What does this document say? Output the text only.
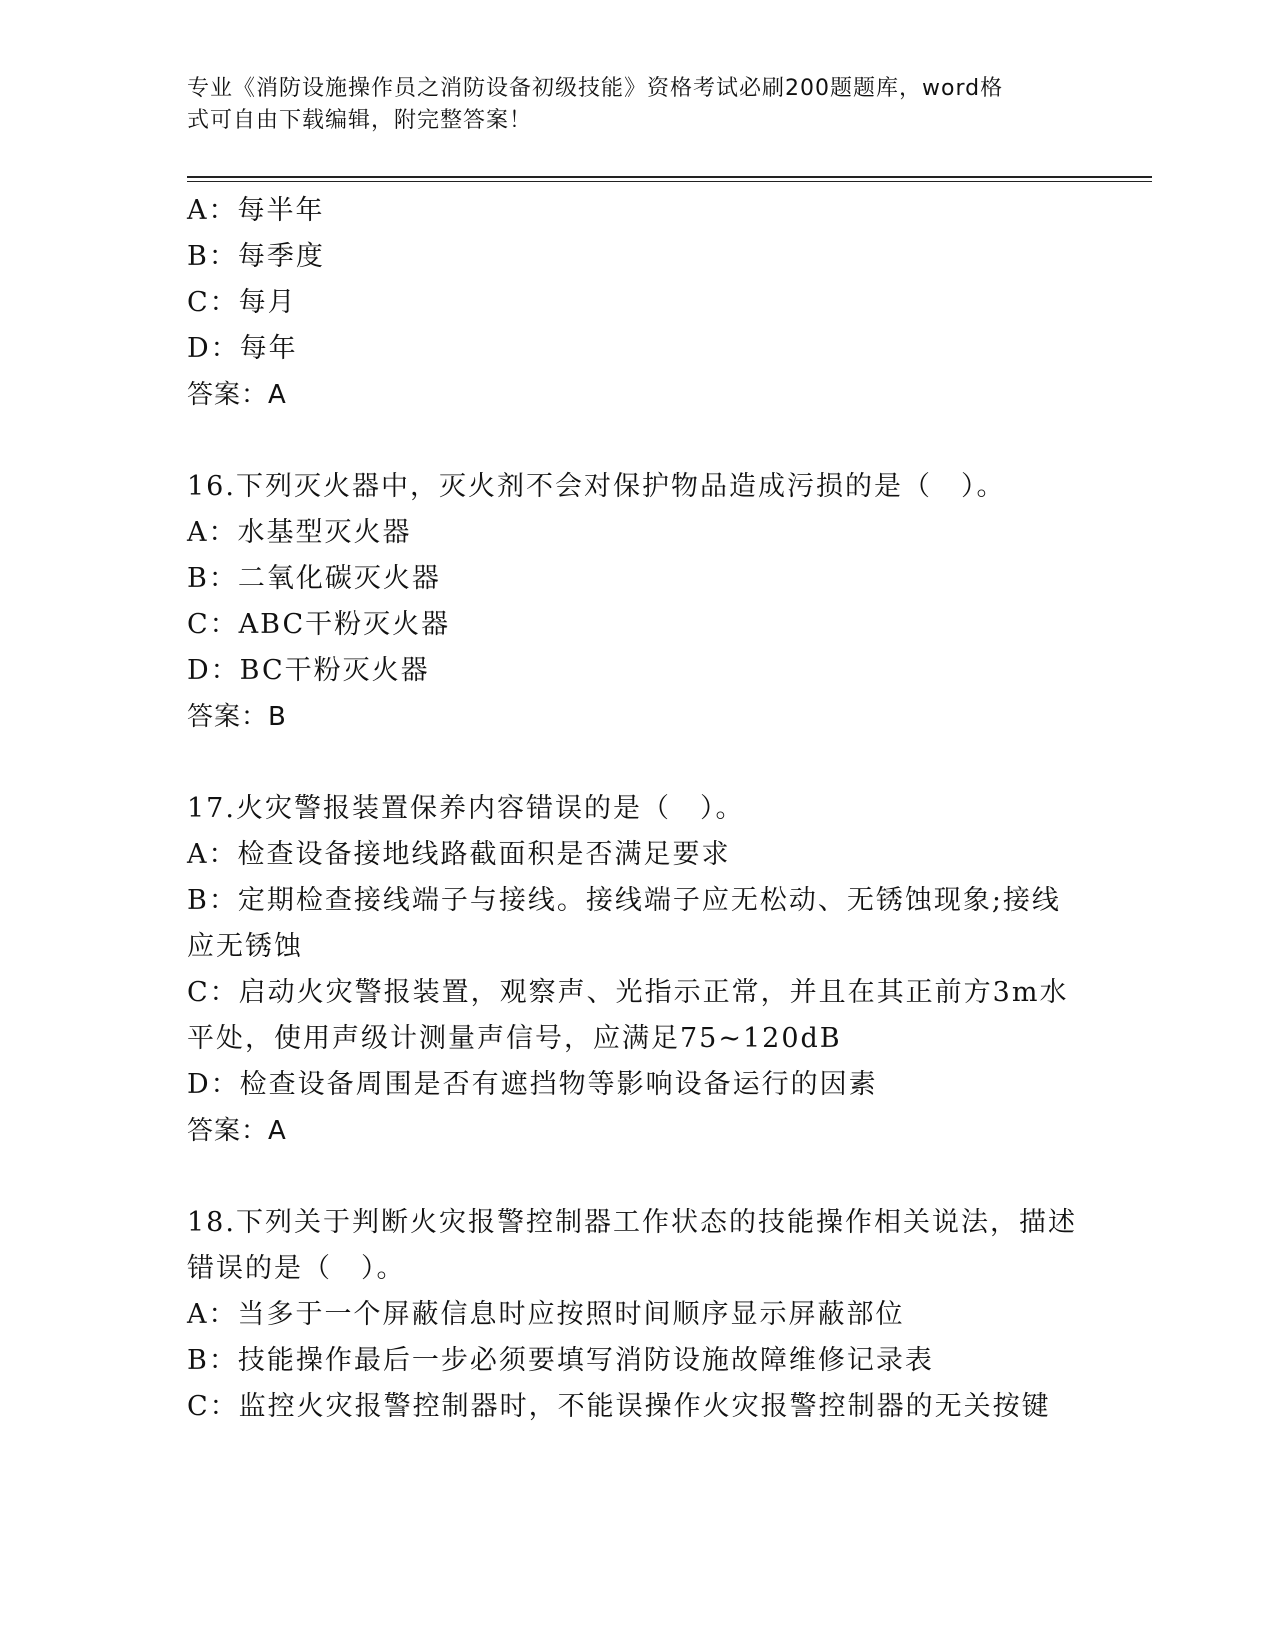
专业《消防设施操作员之消防设备初级技能》资格考试必刷200题题库，word格
式可自由下载编辑，附完整答案！
A：每半年
B：每季度
C：每月
D：每年
答案：A
16.下列灭火器中，灭火剂不会对保护物品造成污损的是（　）。
A：水基型灭火器
B：二氧化碳灭火器
C：ABC干粉灭火器
D：BC干粉灭火器
答案：B
17.火灾警报装置保养内容错误的是（　）。
A：检查设备接地线路截面积是否满足要求
B：定期检查接线端子与接线。接线端子应无松动、无锈蚀现象;接线
应无锈蚀
C：启动火灾警报装置，观察声、光指示正常，并且在其正前方3m水
平处，使用声级计测量声信号，应满足75~120dB
D：检查设备周围是否有遮挡物等影响设备运行的因素
答案：A
18.下列关于判断火灾报警控制器工作状态的技能操作相关说法，描述
错误的是（　）。
A：当多于一个屏蔽信息时应按照时间顺序显示屏蔽部位
B：技能操作最后一步必须要填写消防设施故障维修记录表
C：监控火灾报警控制器时，不能误操作火灾报警控制器的无关按键
